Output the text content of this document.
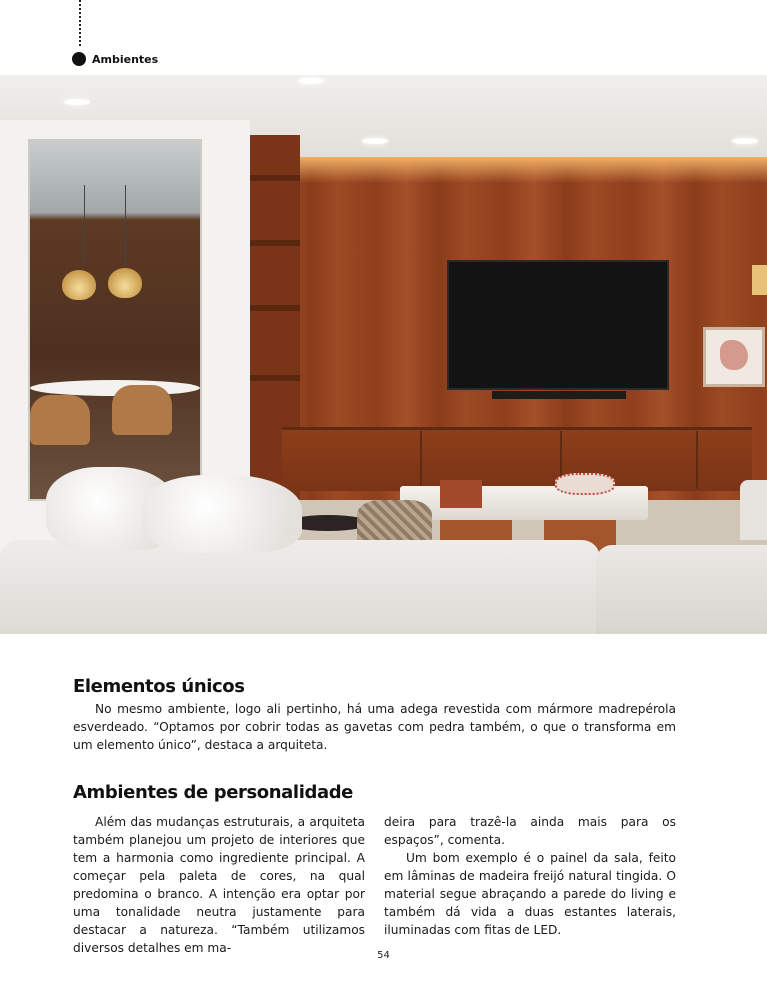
Ambientes
Elementos únicos

No mesmo ambiente, logo ali pertinho, há uma adega revestida com mármore madrepérola esverdeado. “Optamos por cobrir todas as gavetas com pedra também, o que o transforma em um elemento único”, destaca a arquiteta.

Ambientes de personalidade

Além das mudanças estruturais, a arquiteta também planejou um projeto de interiores que tem a harmonia como ingrediente principal. A começar pela paleta de cores, na qual predomina o branco. A intenção era optar por uma tonalidade neutra justamente para destacar a natureza. “Também utilizamos diversos detalhes em ma-

deira para trazê-la ainda mais para os espaços”, comenta.
Um bom exemplo é o painel da sala, feito em lâminas de madeira freijó natural tingida. O material segue abraçando a parede do living e também dá vida a duas estantes laterais, iluminadas com fitas de LED.
54
